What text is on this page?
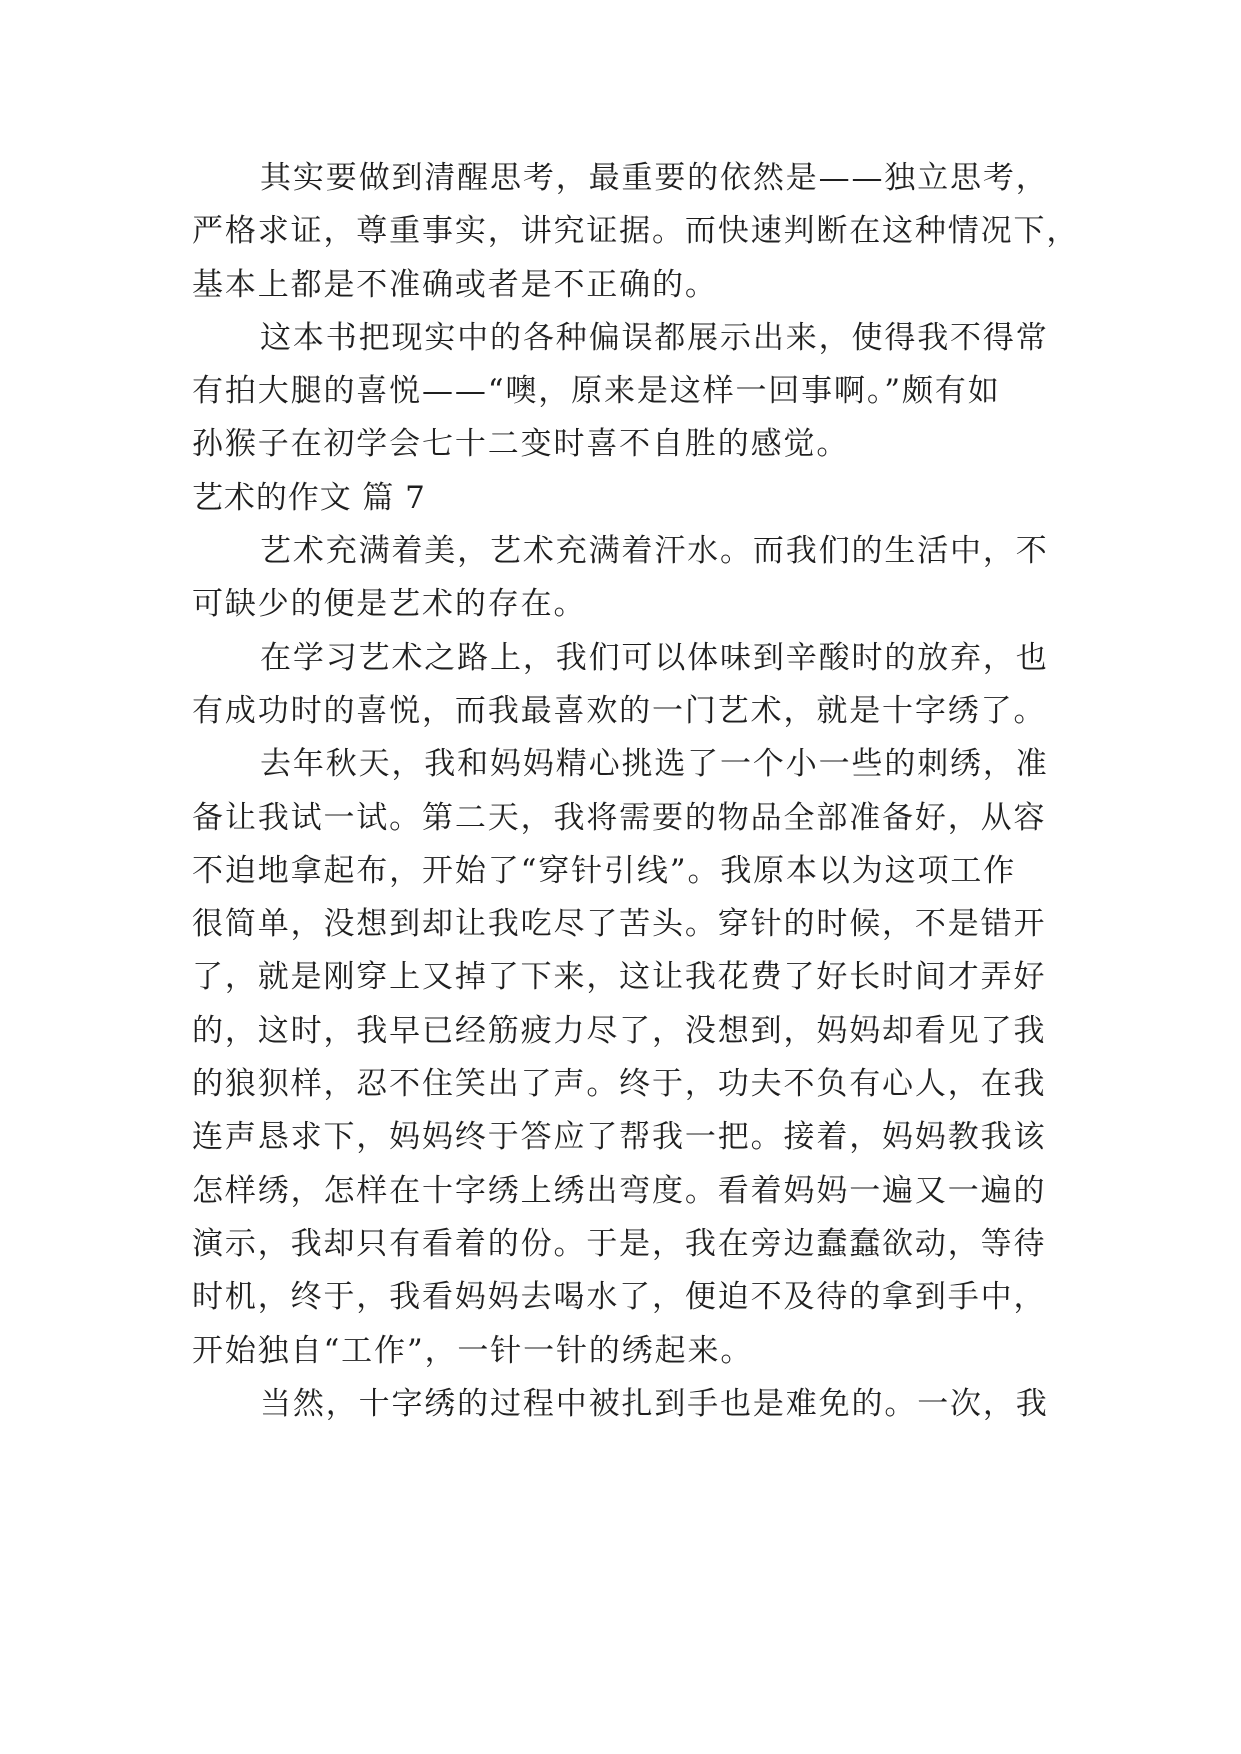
其实要做到清醒思考，最重要的依然是——独立思考，
严格求证，尊重事实，讲究证据。而快速判断在这种情况下，
基本上都是不准确或者是不正确的。
这本书把现实中的各种偏误都展示出来，使得我不得常
有拍大腿的喜悦——“噢，原来是这样一回事啊。”颇有如
孙猴子在初学会七十二变时喜不自胜的感觉。
艺术的作文 篇 7
艺术充满着美，艺术充满着汗水。而我们的生活中，不
可缺少的便是艺术的存在。
在学习艺术之路上，我们可以体味到辛酸时的放弃，也
有成功时的喜悦，而我最喜欢的一门艺术，就是十字绣了。
去年秋天，我和妈妈精心挑选了一个小一些的刺绣，准
备让我试一试。第二天，我将需要的物品全部准备好，从容
不迫地拿起布，开始了“穿针引线”。我原本以为这项工作
很简单，没想到却让我吃尽了苦头。穿针的时候，不是错开
了，就是刚穿上又掉了下来，这让我花费了好长时间才弄好
的，这时，我早已经筋疲力尽了，没想到，妈妈却看见了我
的狼狈样，忍不住笑出了声。终于，功夫不负有心人，在我
连声恳求下，妈妈终于答应了帮我一把。接着，妈妈教我该
怎样绣，怎样在十字绣上绣出弯度。看着妈妈一遍又一遍的
演示，我却只有看着的份。于是，我在旁边蠢蠢欲动，等待
时机，终于，我看妈妈去喝水了，便迫不及待的拿到手中，
开始独自“工作”，一针一针的绣起来。
当然，十字绣的过程中被扎到手也是难免的。一次，我
